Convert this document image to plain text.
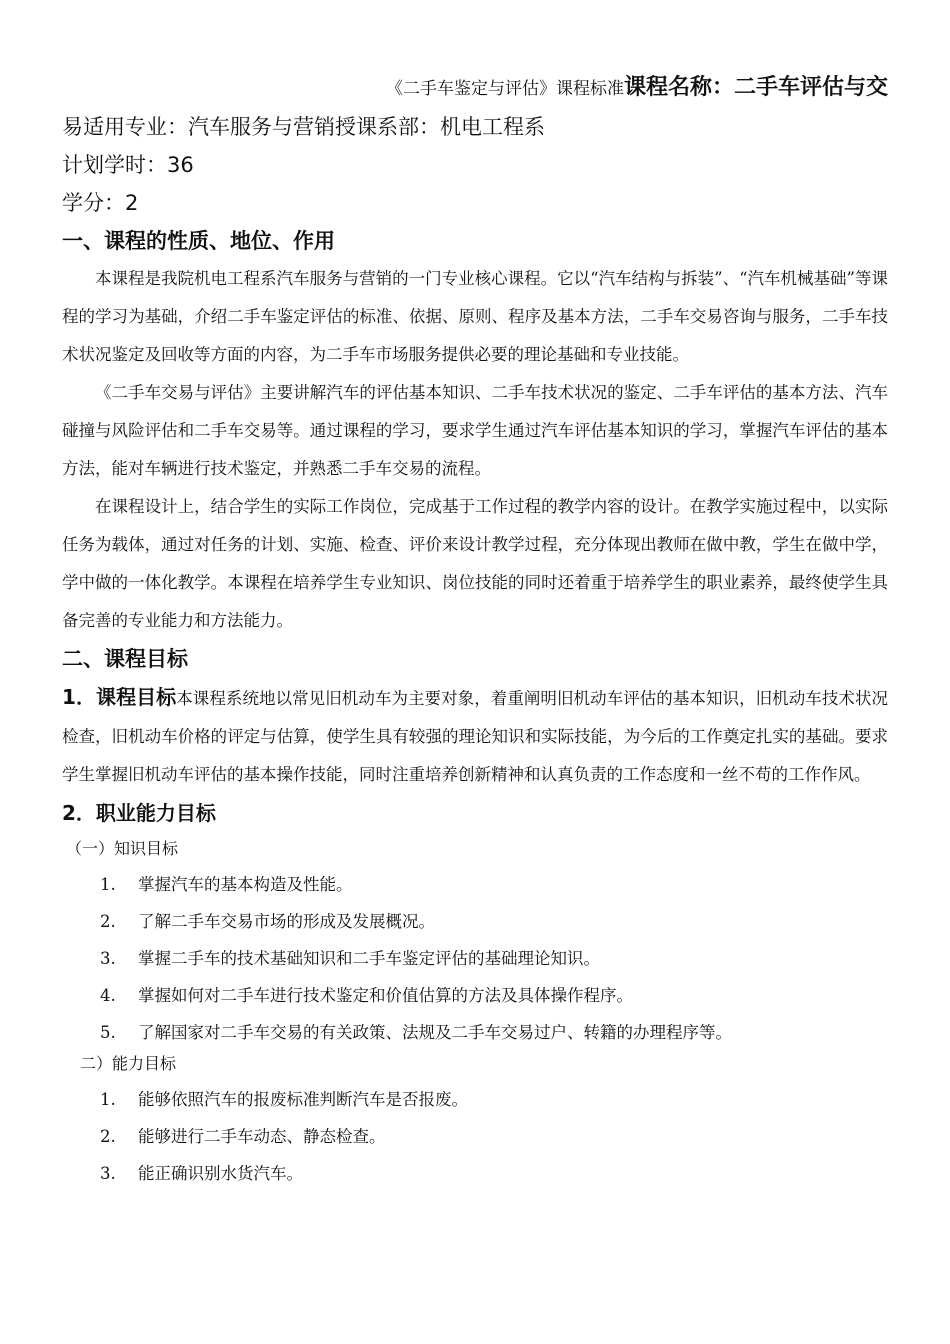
《二手车鉴定与评估》课程标准课程名称：二手车评估与交
易适用专业：汽车服务与营销授课系部：机电工程系
计划学时：36
学分：2
一、课程的性质、地位、作用

本课程是我院机电工程系汽车服务与营销的一门专业核心课程。它以“汽车结构与拆装”、“汽车机械基础”等课程的学习为基础，介绍二手车鉴定评估的标准、依据、原则、程序及基本方法，二手车交易咨询与服务，二手车技术状况鉴定及回收等方面的内容，为二手车市场服务提供必要的理论基础和专业技能。

《二手车交易与评估》主要讲解汽车的评估基本知识、二手车技术状况的鉴定、二手车评估的基本方法、汽车碰撞与风险评估和二手车交易等。通过课程的学习，要求学生通过汽车评估基本知识的学习，掌握汽车评估的基本方法，能对车辆进行技术鉴定，并熟悉二手车交易的流程。

在课程设计上，结合学生的实际工作岗位，完成基于工作过程的教学内容的设计。在教学实施过程中，以实际任务为载体，通过对任务的计划、实施、检查、评价来设计教学过程，充分体现出教师在做中教，学生在做中学，学中做的一体化教学。本课程在培养学生专业知识、岗位技能的同时还着重于培养学生的职业素养，最终使学生具备完善的专业能力和方法能力。

二、课程目标

1．课程目标本课程系统地以常见旧机动车为主要对象，着重阐明旧机动车评估的基本知识，旧机动车技术状况检查，旧机动车价格的评定与估算，使学生具有较强的理论知识和实际技能，为今后的工作奠定扎实的基础。要求学生掌握旧机动车评估的基本操作技能，同时注重培养创新精神和认真负责的工作态度和一丝不苟的工作作风。

2．职业能力目标
（一）知识目标
1.	掌握汽车的基本构造及性能。
2.	了解二手车交易市场的形成及发展概况。
3.	掌握二手车的技术基础知识和二手车鉴定评估的基础理论知识。
4.	掌握如何对二手车进行技术鉴定和价值估算的方法及具体操作程序。
5.	了解国家对二手车交易的有关政策、法规及二手车交易过户、转籍的办理程序等。
二）能力目标
1.	能够依照汽车的报废标准判断汽车是否报废。
2.	能够进行二手车动态、静态检查。
3.	能正确识别水货汽车。
